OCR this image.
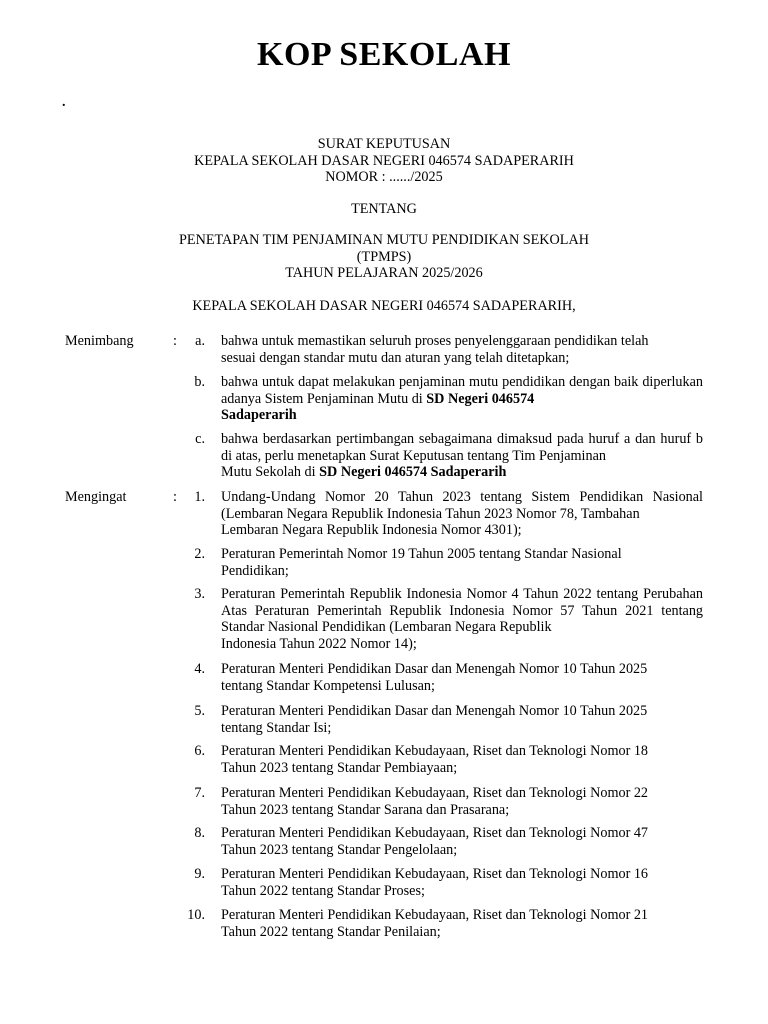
KOP SEKOLAH
.
SURAT KEPUTUSAN
KEPALA SEKOLAH DASAR NEGERI 046574 SADAPERARIH
NOMOR : ....../2025
TENTANG
PENETAPAN TIM PENJAMINAN MUTU PENDIDIKAN SEKOLAH
(TPMPS)
TAHUN PELAJARAN 2025/2026
KEPALA SEKOLAH DASAR NEGERI 046574 SADAPERARIH,
Menimbang	:	a. bahwa untuk memastikan seluruh proses penyelenggaraan pendidikan telah
sesuai dengan standar mutu dan aturan yang telah ditetapkan;
b. bahwa untuk dapat melakukan penjaminan mutu pendidikan dengan baik diperlukan adanya Sistem Penjaminan Mutu di SD Negeri 046574
Sadaperarih
c. bahwa berdasarkan pertimbangan sebagaimana dimaksud pada huruf a dan huruf b di atas, perlu menetapkan Surat Keputusan tentang Tim Penjaminan
Mutu Sekolah di SD Negeri 046574 Sadaperarih
Mengingat	:	1. Undang-Undang Nomor 20 Tahun 2023 tentang Sistem Pendidikan Nasional (Lembaran Negara Republik Indonesia Tahun 2023 Nomor 78, Tambahan
Lembaran Negara Republik Indonesia Nomor 4301);
2. Peraturan Pemerintah Nomor 19 Tahun 2005 tentang Standar Nasional
Pendidikan;
3. Peraturan Pemerintah Republik Indonesia Nomor 4 Tahun 2022 tentang Perubahan Atas Peraturan Pemerintah Republik Indonesia Nomor 57 Tahun 2021 tentang Standar Nasional Pendidikan (Lembaran Negara Republik
Indonesia Tahun 2022 Nomor 14);
4. Peraturan Menteri Pendidikan Dasar dan Menengah Nomor 10 Tahun 2025
tentang Standar Kompetensi Lulusan;
5. Peraturan Menteri Pendidikan Dasar dan Menengah Nomor 10 Tahun 2025
tentang Standar Isi;
6. Peraturan Menteri Pendidikan Kebudayaan, Riset dan Teknologi Nomor 18
Tahun 2023 tentang Standar Pembiayaan;
7. Peraturan Menteri Pendidikan Kebudayaan, Riset dan Teknologi Nomor 22
Tahun 2023 tentang Standar Sarana dan Prasarana;
8. Peraturan Menteri Pendidikan Kebudayaan, Riset dan Teknologi Nomor 47
Tahun 2023 tentang Standar Pengelolaan;
9. Peraturan Menteri Pendidikan Kebudayaan, Riset dan Teknologi Nomor 16
Tahun 2022 tentang Standar Proses;
10. Peraturan Menteri Pendidikan Kebudayaan, Riset dan Teknologi Nomor 21
Tahun 2022 tentang Standar Penilaian;
